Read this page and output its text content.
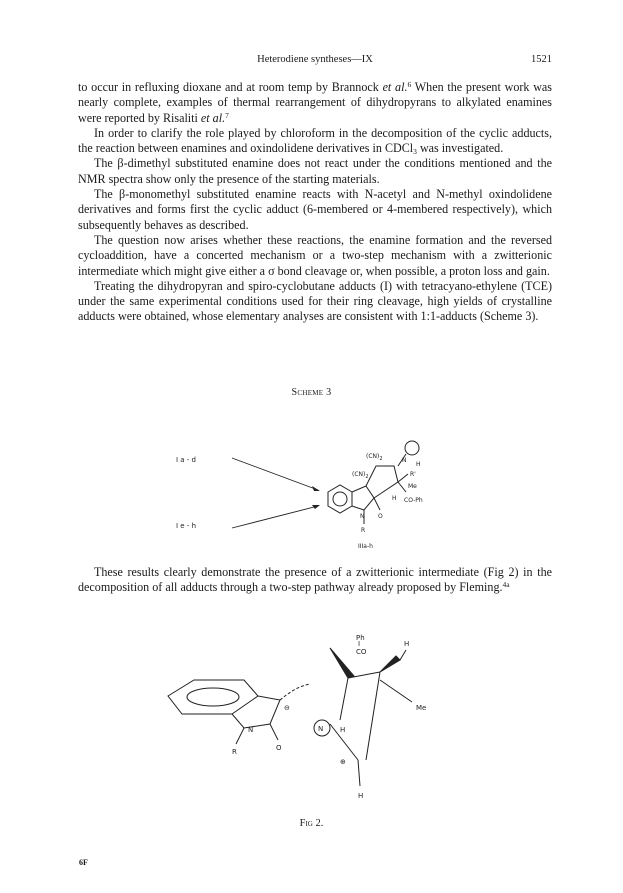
Heterodiene syntheses—IX	1521

to occur in refluxing dioxane and at room temp by Brannock et al.$^6$ When the present work was nearly complete, examples of thermal rearrangement of dihydropyrans to alkylated enamines were reported by Risaliti et al.$^7$

In order to clarify the role played by chloroform in the decomposition of the cyclic adducts, the reaction between enamines and oxindolidene derivatives in CDCl$_3$ was investigated.

The β-dimethyl substituted enamine does not react under the conditions mentioned and the NMR spectra show only the presence of the starting materials.

The β-monomethyl substituted enamine reacts with N-acetyl and N-methyl oxindolidene derivatives and forms first the cyclic adduct (6-membered or 4-membered respectively), which subsequently behaves as described.

The question now arises whether these reactions, the enamine formation and the reversed cycloaddition, have a concerted mechanism or a two-step mechanism with a zwitterionic intermediate which might give either a σ bond cleavage or, when possible, a proton loss and gain.

Treating the dihydropyran and spiro-cyclobutane adducts (I) with tetracyano-ethylene (TCE) under the same experimental conditions used for their ring cleavage, high yields of crystalline adducts were obtained, whose elementary analyses are consistent with 1:1-adducts (Scheme 3).

Scheme 3
I a - d
I e - h
$(CN)_2$
$(CN)_2$
N
H
R'
Me
H CO-Ph
N O
R
IIIa-h

These results clearly demonstrate the presence of a zwitterionic intermediate (Fig 2) in the decomposition of all adducts through a two-step pathway already proposed by Fleming.$^{4a}$

Ph
I
CO
H
Me
N
R	O
⊖
N H
⊕
H
Fig 2.
6F
